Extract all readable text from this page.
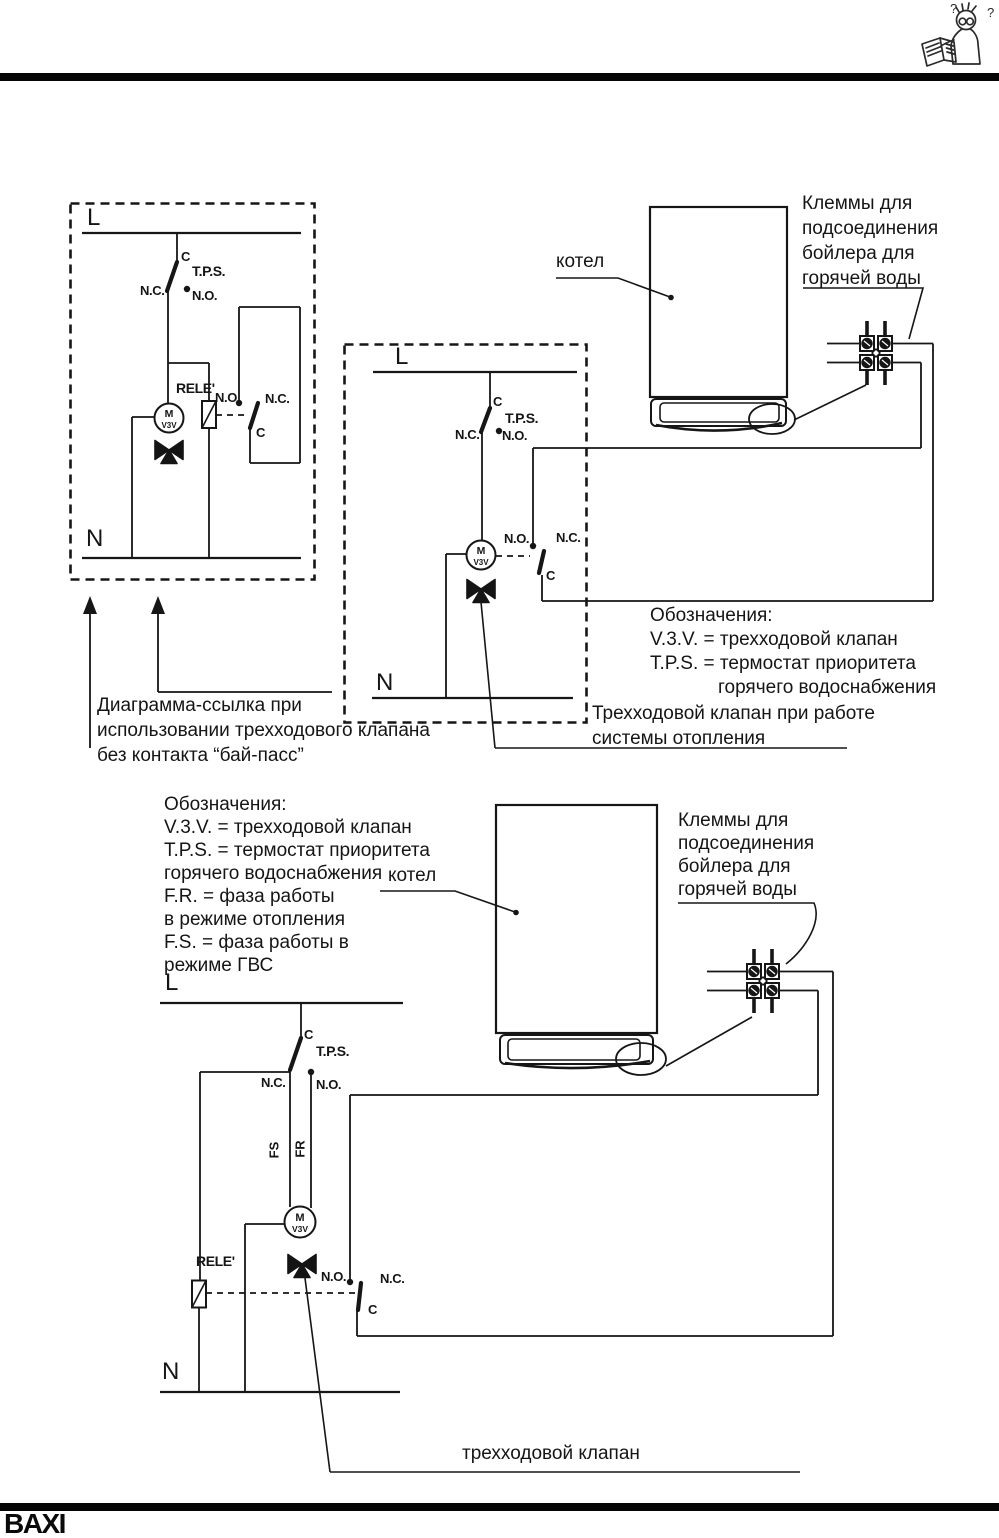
? ?
M
V3V
M
V3V
M
V3V
L
N
C
T.P.S.
N.C. N.O.
RELE'
N.O. N.C.
C
L
N
C
T.P.S.
N.C. N.O.
N.O. N.C.
C
L
N
C
T.P.S.
N.C. N.O.
FS FR
RELE'
N.O.	N.C.
C
Диаграмма-ссылка при
использовании трехходового клапана
без контакта “бай-пасс”
Обозначения:
V.3.V. = трехходовой клапан
T.P.S. = термостат приоритета
горячего водоснабжения
Трехходовой клапан при работе
системы отопления
котел
котел
Клеммы для
подсоединения
бойлера для
горячей воды
Клеммы для
подсоединения
бойлера для
горячей воды
Обозначения:
V.3.V. = трехходовой клапан
T.P.S. = термостат приоритета
горячего водоснабжения
F.R. = фаза работы
в режиме отопления
F.S. = фаза работы в
режиме ГВС
трехходовой клапан
BAXI
